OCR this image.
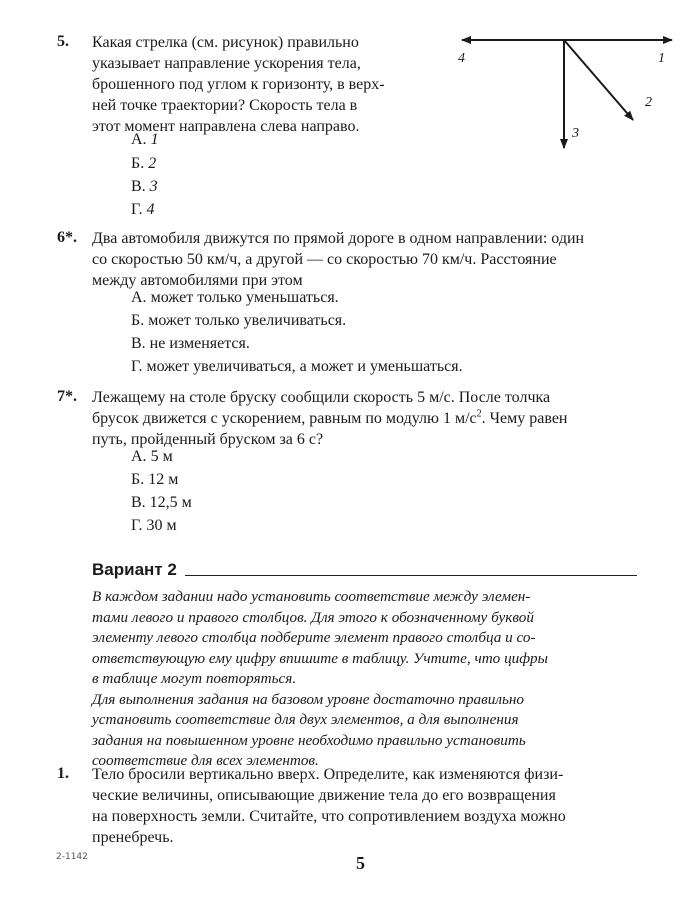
5. Какая стрелка (см. рисунок) правильно
указывает направление ускорения тела,
брошенного под углом к горизонту, в верх-
ней точке траектории? Скорость тела в
этот момент направлена слева направо.
А. 1
Б. 2
В. 3
Г. 4
1
2
3
4
6*. Два автомобиля движутся по прямой дороге в одном направлении: один
со скоростью 50 км/ч, а другой — со скоростью 70 км/ч. Расстояние
между автомобилями при этом
А. может только уменьшаться.
Б. может только увеличиваться.
В. не изменяется.
Г. может увеличиваться, а может и уменьшаться.
7*. Лежащему на столе бруску сообщили скорость 5 м/с. После толчка
брусок движется с ускорением, равным по модулю 1 $м/с^2$. Чему равен
путь, пройденный бруском за 6 с?
А. 5 м
Б. 12 м
В. 12,5 м
Г. 30 м
Вариант 2
В каждом задании надо установить соответствие между элемен-
тами левого и правого столбцов. Для этого к обозначенному буквой
элементу левого столбца подберите элемент правого столбца и со-
ответствующую ему цифру впишите в таблицу. Учтите, что цифры
в таблице могут повторяться.
Для выполнения задания на базовом уровне достаточно правильно
установить соответствие для двух элементов, а для выполнения
задания на повышенном уровне необходимо правильно установить
соответствие для всех элементов.
1. Тело бросили вертикально вверх. Определите, как изменяются физи-
ческие величины, описывающие движение тела до его возвращения
на поверхность земли. Считайте, что сопротивлением воздуха можно
пренебречь.
2-1142	5
